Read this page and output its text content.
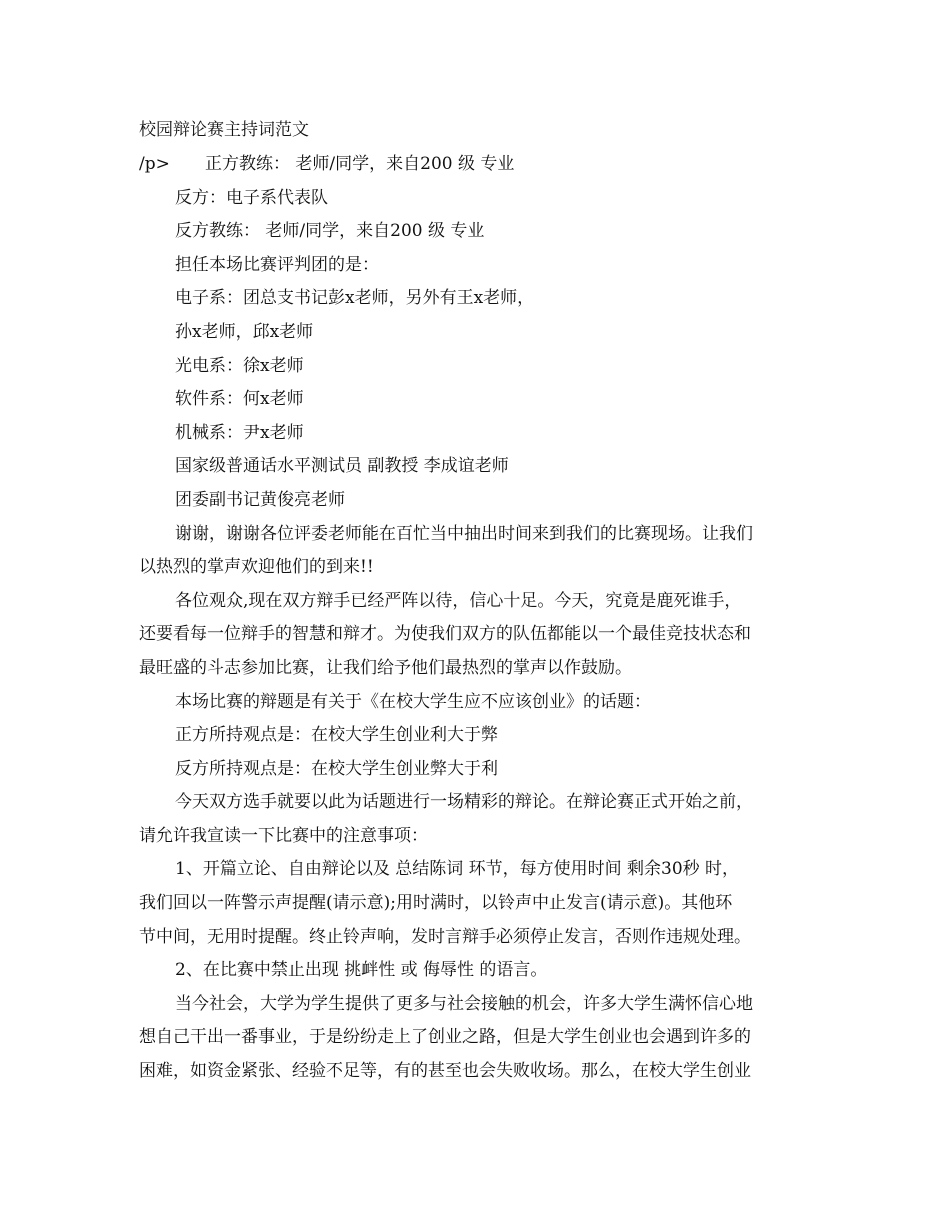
校园辩论赛主持词范文
/p> 正方教练： 老师/同学，来自200 级 专业
反方：电子系代表队
反方教练： 老师/同学，来自200 级 专业
担任本场比赛评判团的是：
电子系：团总支书记彭x老师，另外有王x老师，
孙x老师，邱x老师
光电系：徐x老师
软件系：何x老师
机械系：尹x老师
国家级普通话水平测试员 副教授 李成谊老师
团委副书记黄俊亮老师
谢谢，谢谢各位评委老师能在百忙当中抽出时间来到我们的比赛现场。让我们
以热烈的掌声欢迎他们的到来!!
各位观众,现在双方辩手已经严阵以待，信心十足。今天，究竟是鹿死谁手，
还要看每一位辩手的智慧和辩才。为使我们双方的队伍都能以一个最佳竞技状态和
最旺盛的斗志参加比赛，让我们给予他们最热烈的掌声以作鼓励。
本场比赛的辩题是有关于《在校大学生应不应该创业》的话题：
正方所持观点是：在校大学生创业利大于弊
反方所持观点是：在校大学生创业弊大于利
今天双方选手就要以此为话题进行一场精彩的辩论。在辩论赛正式开始之前，
请允许我宣读一下比赛中的注意事项：
1、开篇立论、自由辩论以及 总结陈词 环节，每方使用时间 剩余30秒 时，
我们回以一阵警示声提醒(请示意);用时满时，以铃声中止发言(请示意)。其他环
节中间，无用时提醒。终止铃声响，发时言辩手必须停止发言，否则作违规处理。
2、在比赛中禁止出现 挑衅性 或 侮辱性 的语言。
当今社会，大学为学生提供了更多与社会接触的机会，许多大学生满怀信心地
想自己干出一番事业，于是纷纷走上了创业之路，但是大学生创业也会遇到许多的
困难，如资金紧张、经验不足等，有的甚至也会失败收场。那么，在校大学生创业
